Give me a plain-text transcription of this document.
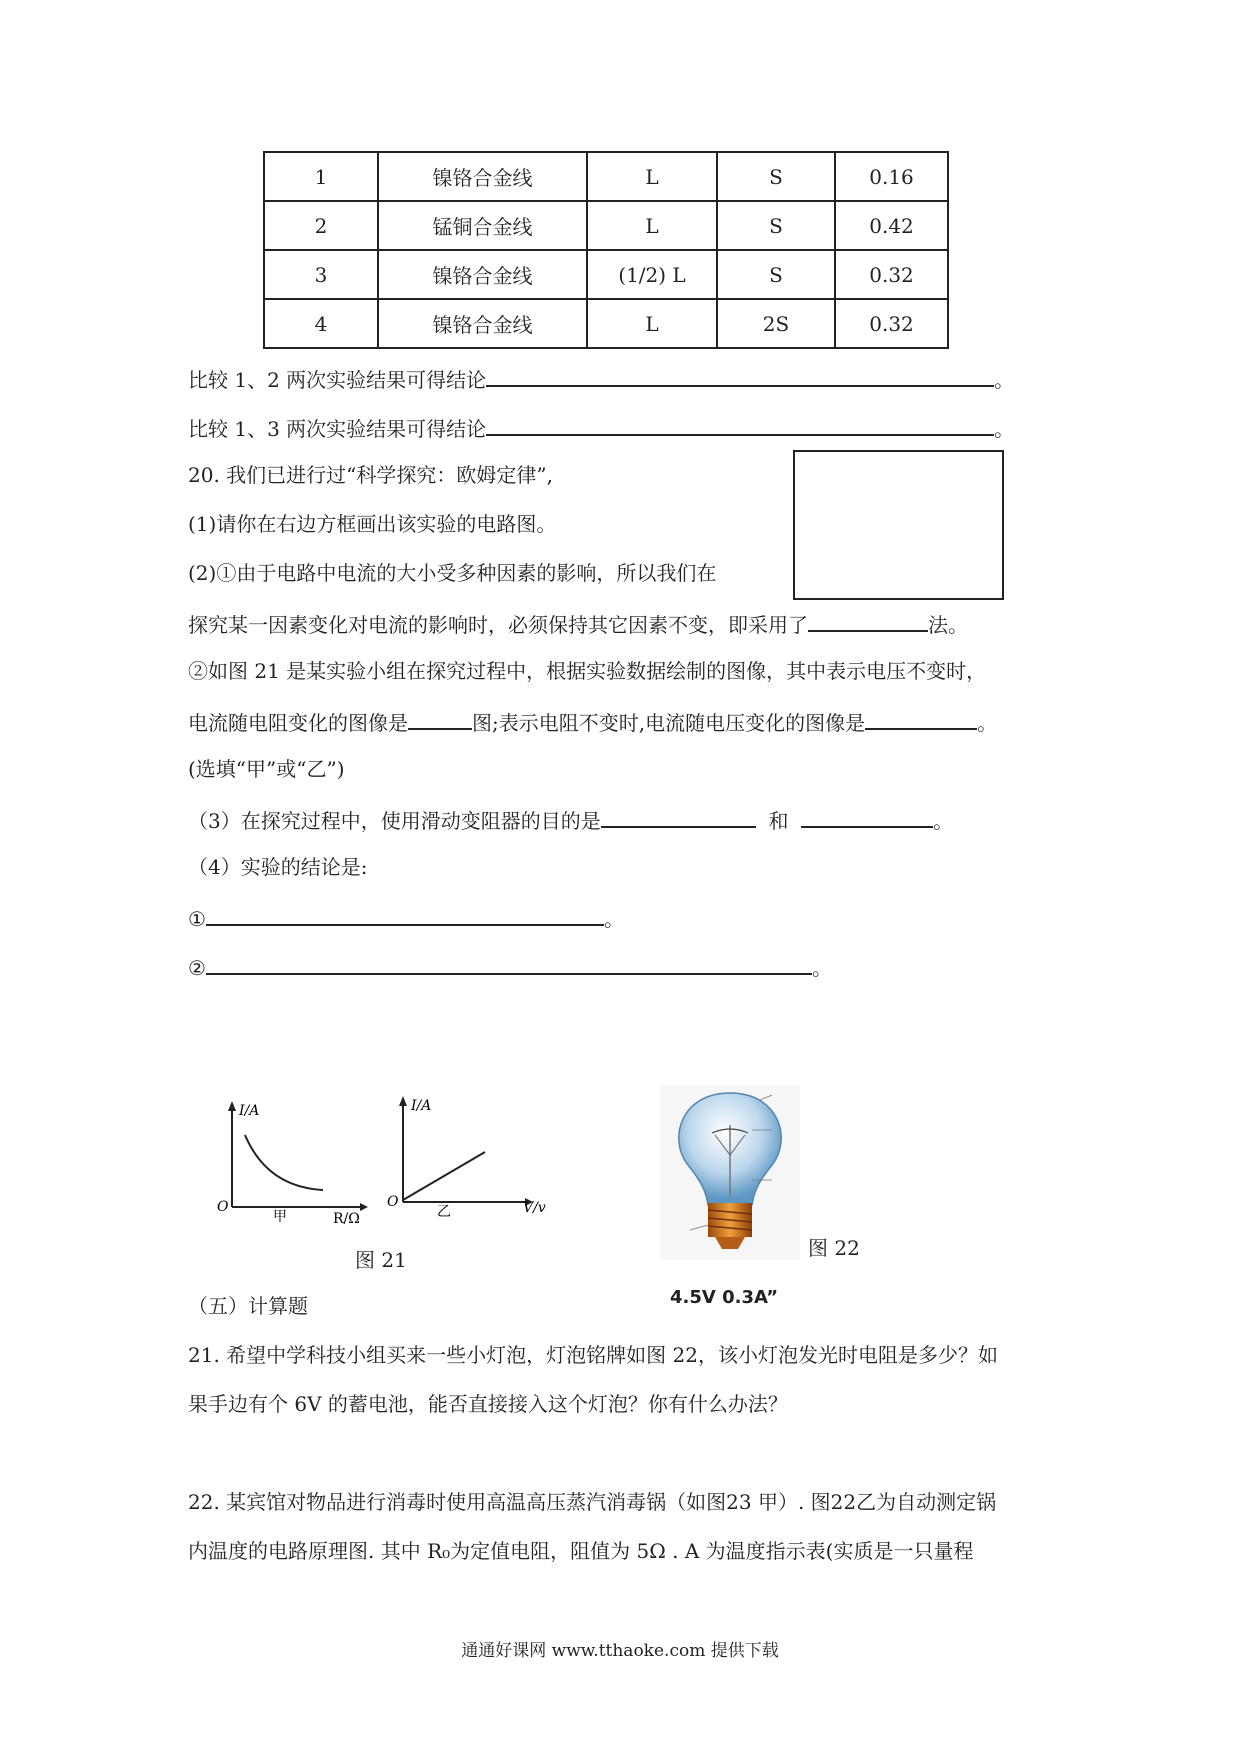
1	镍铬合金线	L	S	0.16
2	锰铜合金线	L	S	0.42
3	镍铬合金线	(1/2) L	S	0.32
4	镍铬合金线	L	2S	0.32
比较 1、2 两次实验结果可得结论	。
比较 1、3 两次实验结果可得结论	。
20. 我们已进行过“科学探究：欧姆定律”,
(1)请你在右边方框画出该实验的电路图。
(2)①由于电路中电流的大小受多种因素的影响，所以我们在
探究某一因素变化对电流的影响时，必须保持其它因素不变，即采用了	法。
②如图 21 是某实验小组在探究过程中，根据实验数据绘制的图像，其中表示电压不变时，
电流随电阻变化的图像是	图;表示电阻不变时,电流随电压变化的图像是	。
(选填“甲”或“乙”)
（3）在探究过程中，使用滑动变阻器的目的是	和	。
（4）实验的结论是:
①	。
②	。
I/A
O
甲	R/Ω
I/A
O
乙	V/v
图 21	图 22
4.5V 0.3A”
（五）计算题
21. 希望中学科技小组买来一些小灯泡，灯泡铭牌如图 22，该小灯泡发光时电阻是多少？如
果手边有个 6V 的蓄电池，能否直接接入这个灯泡？你有什么办法？
22. 某宾馆对物品进行消毒时使用高温高压蒸汽消毒锅（如图23 甲）. 图22乙为自动测定锅
内温度的电路原理图. 其中 R₀为定值电阻，阻值为 5Ω . A 为温度指示表(实质是一只量程
通通好课网 www.tthaoke.com 提供下载
